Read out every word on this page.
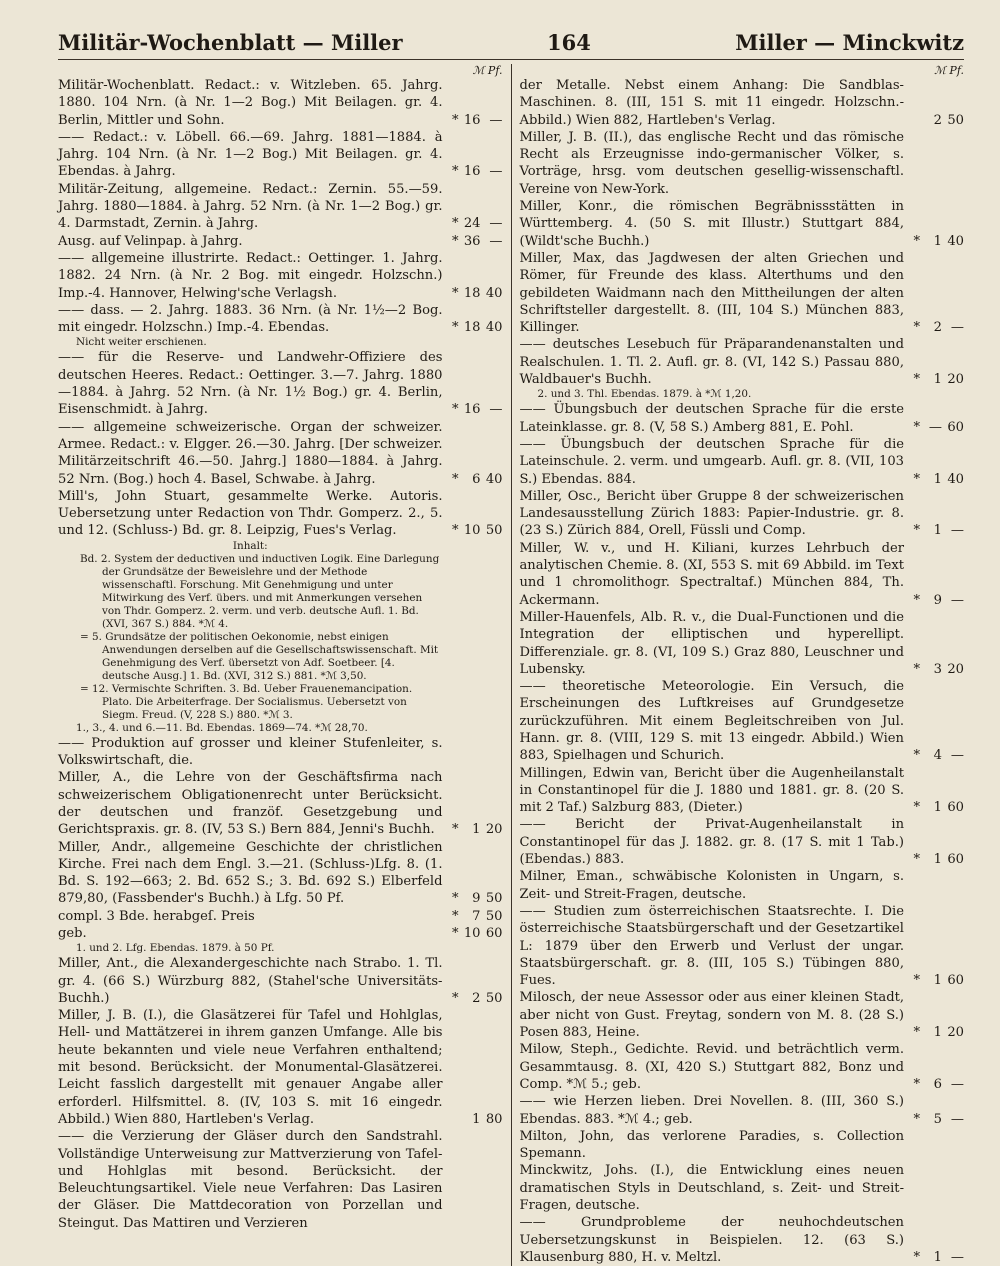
Militär-Wochenblatt — Miller	164	Miller — Minckwitz
ℳ Pf.
Militär-Wochenblatt. Redact.: v. Witzleben. 65. Jahrg. 1880. 104 Nrn. (à Nr. 1—2 Bog.) Mit Beilagen. gr. 4. Berlin, Mittler und Sohn.	* 16 —
—— Redact.: v. Löbell. 66.—69. Jahrg. 1881—1884. à Jahrg. 104 Nrn. (à Nr. 1—2 Bog.) Mit Beilagen. gr. 4. Ebendas. à Jahrg.	* 16 —
Militär-Zeitung, allgemeine. Redact.: Zernin. 55.—59. Jahrg. 1880—1884. à Jahrg. 52 Nrn. (à Nr. 1—2 Bog.) gr. 4. Darmstadt, Zernin. à Jahrg.	* 24 —
Ausg. auf Velinpap. à Jahrg.	* 36 —
—— allgemeine illustrirte. Redact.: Oettinger. 1. Jahrg. 1882. 24 Nrn. (à Nr. 2 Bog. mit eingedr. Holzschn.) Imp.-4. Hannover, Helwing'sche Verlagsh.	* 18 40
—— dass. — 2. Jahrg. 1883. 36 Nrn. (à Nr. 1½—2 Bog. mit eingedr. Holzschn.) Imp.-4. Ebendas.	* 18 40
Nicht weiter erschienen.
—— für die Reserve- und Landwehr-Offiziere des deutschen Heeres. Redact.: Oettinger. 3.—7. Jahrg. 1880—1884. à Jahrg. 52 Nrn. (à Nr. 1½ Bog.) gr. 4. Berlin, Eisenschmidt. à Jahrg.	* 16 —
—— allgemeine schweizerische. Organ der schweizer. Armee. Redact.: v. Elgger. 26.—30. Jahrg. [Der schweizer. Militärzeitschrift 46.—50. Jahrg.] 1880—1884. à Jahrg. 52 Nrn. (Bog.) hoch 4. Basel, Schwabe. à Jahrg.	* 6 40
Mill's, John Stuart, gesammelte Werke. Autoris. Uebersetzung unter Redaction von Thdr. Gomperz. 2., 5. und 12. (Schluss-) Bd. gr. 8. Leipzig, Fues's Verlag.	* 10 50
Inhalt:
Bd. 2. System der deductiven und inductiven Logik. Eine Darlegung der Grundsätze der Beweislehre und der Methode wissenschaftl. Forschung. Mit Genehmigung und unter Mitwirkung des Verf. übers. und mit Anmerkungen versehen von Thdr. Gomperz. 2. verm. und verb. deutsche Aufl. 1. Bd. (XVI, 367 S.) 884. *ℳ 4.
= 5. Grundsätze der politischen Oekonomie, nebst einigen Anwendungen derselben auf die Gesellschaftswissenschaft. Mit Genehmigung des Verf. übersetzt von Adf. Soetbeer. [4. deutsche Ausg.] 1. Bd. (XVI, 312 S.) 881. *ℳ 3,50.
= 12. Vermischte Schriften. 3. Bd. Ueber Frauenemancipation. Plato. Die Arbeiterfrage. Der Socialismus. Uebersetzt von Siegm. Freud. (V, 228 S.) 880. *ℳ 3.
1., 3., 4. und 6.—11. Bd. Ebendas. 1869—74. *ℳ 28,70.
—— Produktion auf grosser und kleiner Stufenleiter, s. Volkswirtschaft, die.
Miller, A., die Lehre von der Geschäftsfirma nach schweizerischem Obligationenrecht unter Berücksicht. der deutschen und franzöf. Gesetzgebung und Gerichtspraxis. gr. 8. (IV, 53 S.) Bern 884, Jenni's Buchh.	* 1 20
Miller, Andr., allgemeine Geschichte der christlichen Kirche. Frei nach dem Engl. 3.—21. (Schluss-)Lfg. 8. (1. Bd. S. 192—663; 2. Bd. 652 S.; 3. Bd. 692 S.) Elberfeld 879,80, (Fassbender's Buchh.) à Lfg. 50 Pf.	* 9 50
compl. 3 Bde. herabgeſ. Preis	* 7 50
geb.	* 10 60
1. und 2. Lfg. Ebendas. 1879. à 50 Pf.
Miller, Ant., die Alexandergeschichte nach Strabo. 1. Tl. gr. 4. (66 S.) Würzburg 882, (Stahel'sche Universitäts-Buchh.)	* 2 50
Miller, J. B. (I.), die Glasätzerei für Tafel und Hohlglas, Hell- und Mattätzerei in ihrem ganzen Umfange. Alle bis heute bekannten und viele neue Verfahren enthaltend; mit besond. Berücksicht. der Monumental-Glasätzerei. Leicht fasslich dargestellt mit genauer Angabe aller erforderl. Hilfsmittel. 8. (IV, 103 S. mit 16 eingedr. Abbild.) Wien 880, Hartleben's Verlag.	1 80
—— die Verzierung der Gläser durch den Sandstrahl. Vollständige Unterweisung zur Mattverzierung von Tafel- und Hohlglas mit besond. Berücksicht. der Beleuchtungsartikel. Viele neue Verfahren: Das Lasiren der Gläser. Die Mattdecoration von Porzellan und Steingut. Das Mattiren und Verzieren
ℳ Pf.
der Metalle. Nebst einem Anhang: Die Sandblas-Maschinen. 8. (III, 151 S. mit 11 eingedr. Holzschn.-Abbild.) Wien 882, Hartleben's Verlag.	2 50
Miller, J. B. (II.), das englische Recht und das römische Recht als Erzeugnisse indo-germanischer Völker, s. Vorträge, hrsg. vom deutschen gesellig-wissenschaftl. Vereine von New-York.
Miller, Konr., die römischen Begräbnissstätten in Württemberg. 4. (50 S. mit Illustr.) Stuttgart 884, (Wildt'sche Buchh.)	* 1 40
Miller, Max, das Jagdwesen der alten Griechen und Römer, für Freunde des klass. Alterthums und den gebildeten Waidmann nach den Mittheilungen der alten Schriftsteller dargestellt. 8. (III, 104 S.) München 883, Killinger.	* 2 —
—— deutsches Lesebuch für Präparandenanstalten und Realschulen. 1. Tl. 2. Aufl. gr. 8. (VI, 142 S.) Passau 880, Waldbauer's Buchh.	* 1 20
2. und 3. Thl. Ebendas. 1879. à *ℳ 1,20.
—— Übungsbuch der deutschen Sprache für die erste Lateinklasse. gr. 8. (V, 58 S.) Amberg 881, E. Pohl.	* — 60
—— Übungsbuch der deutschen Sprache für die Lateinschule. 2. verm. und umgearb. Aufl. gr. 8. (VII, 103 S.) Ebendas. 884.	* 1 40
Miller, Osc., Bericht über Gruppe 8 der schweizerischen Landesausstellung Zürich 1883: Papier-Industrie. gr. 8. (23 S.) Zürich 884, Orell, Füssli und Comp.	* 1 —
Miller, W. v., und H. Kiliani, kurzes Lehrbuch der analytischen Chemie. 8. (XI, 553 S. mit 69 Abbild. im Text und 1 chromolithogr. Spectraltaf.) München 884, Th. Ackermann.	* 9 —
Miller-Hauenfels, Alb. R. v., die Dual-Functionen und die Integration der elliptischen und hyperellipt. Differenziale. gr. 8. (VI, 109 S.) Graz 880, Leuschner und Lubensky.	* 3 20
—— theoretische Meteorologie. Ein Versuch, die Erscheinungen des Luftkreises auf Grundgesetze zurückzuführen. Mit einem Begleitschreiben von Jul. Hann. gr. 8. (VIII, 129 S. mit 13 eingedr. Abbild.) Wien 883, Spielhagen und Schurich.	* 4 —
Millingen, Edwin van, Bericht über die Augenheilanstalt in Constantinopel für die J. 1880 und 1881. gr. 8. (20 S. mit 2 Taf.) Salzburg 883, (Dieter.)	* 1 60
—— Bericht der Privat-Augenheilanstalt in Constantinopel für das J. 1882. gr. 8. (17 S. mit 1 Tab.) (Ebendas.) 883.	* 1 60
Milner, Eman., schwäbische Kolonisten in Ungarn, s. Zeit- und Streit-Fragen, deutsche.
—— Studien zum österreichischen Staatsrechte. I. Die österreichische Staatsbürgerschaft und der Gesetzartikel L: 1879 über den Erwerb und Verlust der ungar. Staatsbürgerschaft. gr. 8. (III, 105 S.) Tübingen 880, Fues.	* 1 60
Milosch, der neue Assessor oder aus einer kleinen Stadt, aber nicht von Gust. Freytag, sondern von M. 8. (28 S.) Posen 883, Heine.	* 1 20
Milow, Steph., Gedichte. Revid. und beträchtlich verm. Gesammtausg. 8. (XI, 420 S.) Stuttgart 882, Bonz und Comp. *ℳ 5.; geb.	* 6 —
—— wie Herzen lieben. Drei Novellen. 8. (III, 360 S.) Ebendas. 883. *ℳ 4.; geb.	* 5 —
Milton, John, das verlorene Paradies, s. Collection Spemann.
Minckwitz, Johs. (I.), die Entwicklung eines neuen dramatischen Styls in Deutschland, s. Zeit- und Streit-Fragen, deutsche.
—— Grundprobleme der neuhochdeutschen Uebersetzungskunst in Beispielen. 12. (63 S.) Klausenburg 880, H. v. Meltzl.	* 1 —
